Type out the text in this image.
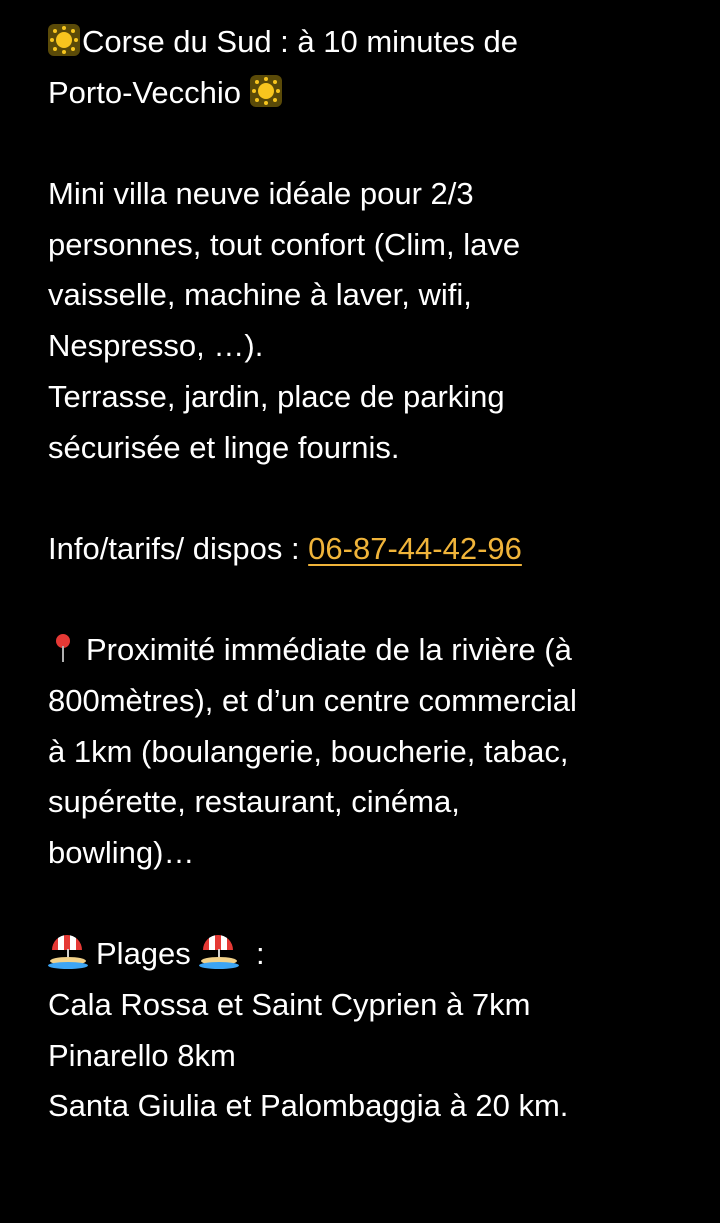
Corse du Sud : à 10 minutes de
Porto-Vecchio
Mini villa neuve idéale pour 2/3
personnes, tout confort (Clim, lave
vaisselle, machine à laver, wifi,
Nespresso, …).
Terrasse, jardin, place de parking
sécurisée et linge fournis.
Info/tarifs/ dispos : 06-87-44-42-96
Proximité immédiate de la rivière (à
800mètres), et d’un centre commercial
à 1km (boulangerie, boucherie, tabac,
supérette, restaurant, cinéma,
bowling)…
Plages
:
Cala Rossa et Saint Cyprien à 7km
Pinarello 8km
Santa Giulia et Palombaggia à 20 km.
